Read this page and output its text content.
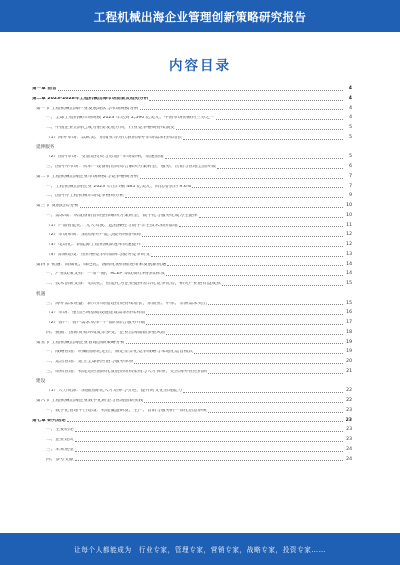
工程机械出海企业管理创新策略研究报告
内容目录
第一章 前言	4
第二章 2023-2028年工程机械出海市场前景及趋势分析	4
第一节 工程机械出海产业发展现状与市场规模分析	4
一、全球工程机械市场规模 2023 年达到 2,590 亿美元，中国市场份额约三分之一	4
二、中国企业出海已成为重要发展方向，行业竞争格局持续演变	5
（1）海外市场：以欧美、东南亚等为代表的海外市场需求持续增长	5
延伸服务
（2）国内市场：受基建投资与房地产市场影响，增速放缓	5
三、国内外市场：从单一设备销售向综合解决方案转型，服务、营销与管理全面升级	6
第二节 工程机械出海企业市场规模与竞争格局分析	7
一、工程机械出海企业 2023 年出口额 485 亿美元，同比增长约 9.6%	7
二、国内外工程机械市场竞争格局分析	9
第三节 发展趋势分析	10
一、需求端：从设备销售向整体解决方案转型，数字化与服务化成为主旋律	10
（1）产品智能化：无人驾驶、远程操控与数字孪生技术加快落地	11
（2）市场布局：加快海外产能与服务网络布局	12
（3）电动化：新能源工程机械渗透率快速提升	12
（4）品牌建设：由价格竞争向品牌与服务竞争转变	13
第四节 机遇：高端化、绿色化、国际化协同推进带来发展新机遇	14
一、产业政策支持：一带一路、RCEP 等政策红利持续释放	14
二、技术创新支撑：电动化、智能化为企业提供差异化竞争优势，相关产业链日益成熟	15
机遇
三、海外需求旺盛：新兴市场基建投资持续增长，东南亚、中东、非洲需求突出	15
（1）市场：重点区域基础设施建设需求持续释放	16
（2）客户：客户需求从单一产品向综合服务升级	17
四、挑战：国际贸易环境复杂多变，企业出海面临多重风险	18
第五节 工程机械出海企业管理创新策略分析	19
一、战略管理：明确国际化定位，制定差异化竞争战略与本地化运营模式	19
二、运营管理：建立全球供应链与服务体系	20
三、组织管理：构建适应国际化发展的组织架构与人才体系，完善海外管控机制	21
建设
（1）人力资源：加强国际化人才培养与引进，提升跨文化管理能力	22
第六节 工程机械出海企业数字化转型与管理创新实践	22
一、数字化管理平台建设：构建覆盖研发、生产、营销与服务的一体化信息系统	23
第七章 研究结论	23
一、主要结论	23
二、企业建议	23
三、未来展望	24
四、参考文献	24
让每个人都能成为　行业专家，管理专家，营销专家，战略专家，投资专家……
